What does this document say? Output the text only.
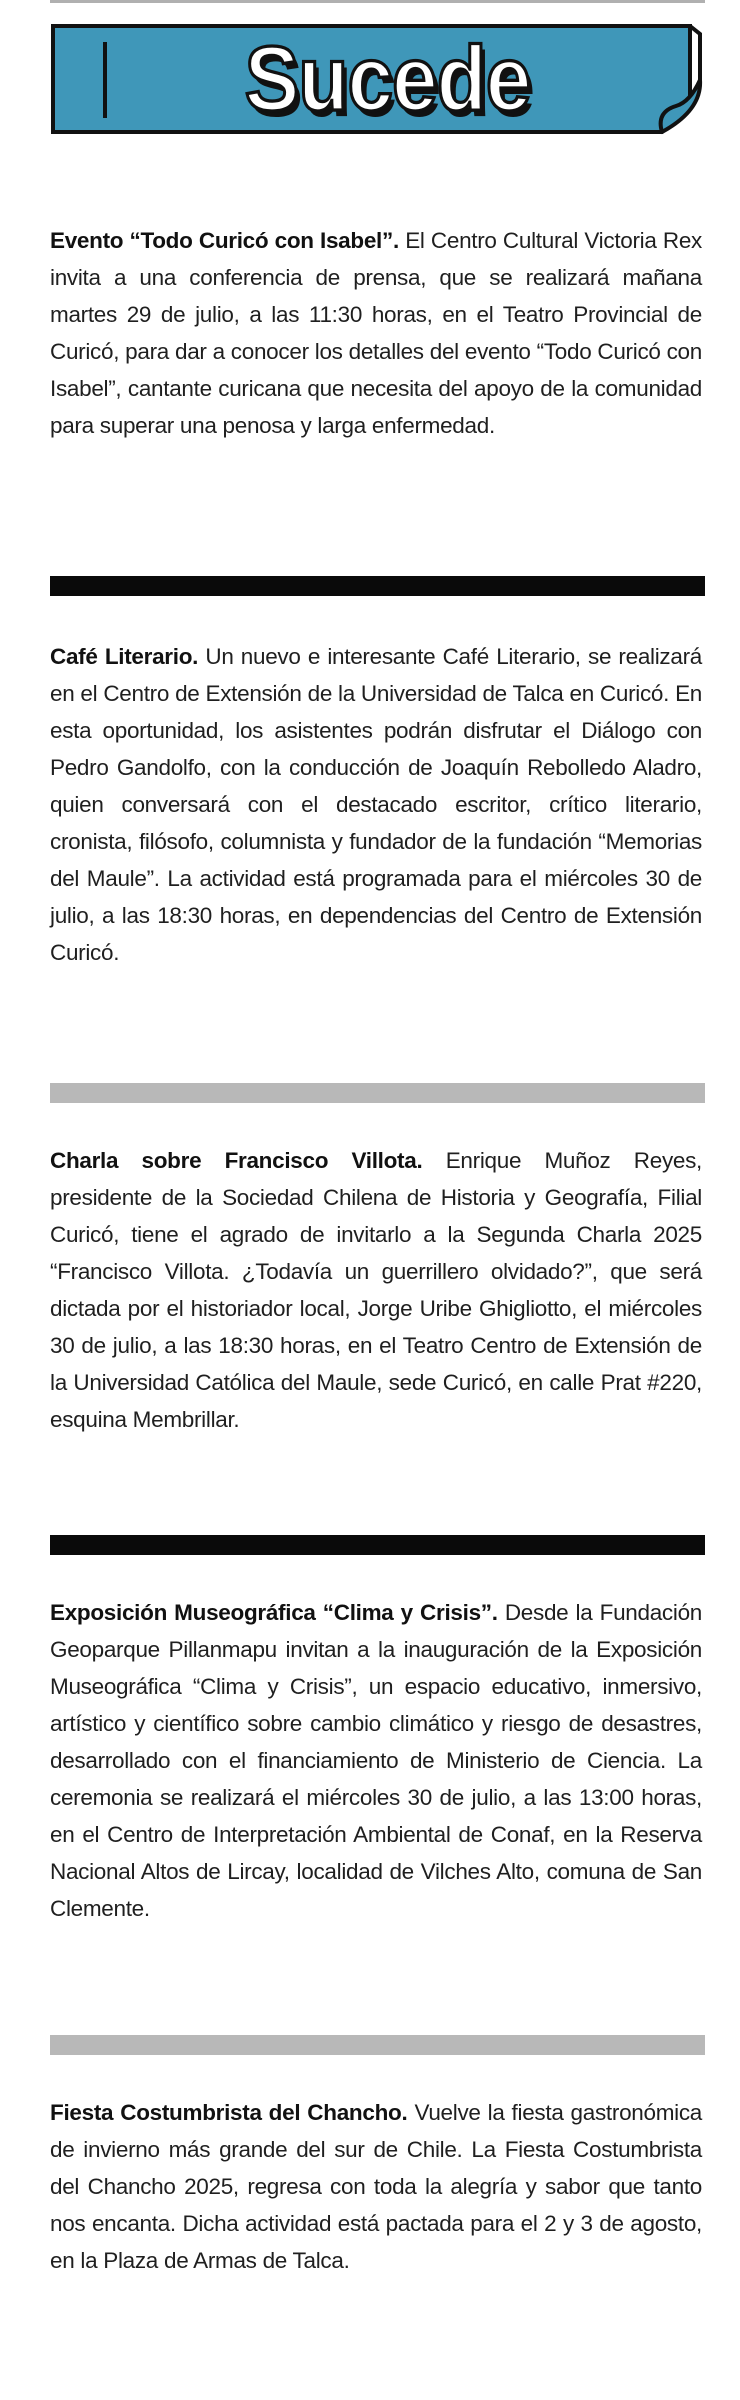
Sucede
Evento “Todo Curicó con Isabel”. El Centro Cultural Victoria Rex invita a una conferencia de prensa, que se realizará mañana martes 29 de julio, a las 11:30 horas, en el Teatro Provincial de Curicó, para dar a conocer los detalles del evento “Todo Curicó con Isabel”, cantante curicana que necesita del apoyo de la comunidad para superar una penosa y larga enfermedad.
Café Literario. Un nuevo e interesante Café Literario, se realizará en el Centro de Extensión de la Universidad de Talca en Curicó. En esta oportunidad, los asistentes podrán disfrutar el Diálogo con Pedro Gandolfo, con la conducción de Joaquín Rebolledo Aladro, quien conversará con el destacado escritor, crítico literario, cronista, filósofo, columnista y fundador de la fundación “Memorias del Maule”. La actividad está programada para el miércoles 30 de julio, a las 18:30 horas, en dependencias del Centro de Extensión Curicó.
Charla sobre Francisco Villota. Enrique Muñoz Reyes, presidente de la Sociedad Chilena de Historia y Geografía, Filial Curicó, tiene el agrado de invitarlo a la Segunda Charla 2025 “Francisco Villota. ¿Todavía un guerrillero olvidado?”, que será dictada por el historiador local, Jorge Uribe Ghigliotto, el miércoles 30 de julio, a las 18:30 horas, en el Teatro Centro de Extensión de la Universidad Católica del Maule, sede Curicó, en calle Prat #220, esquina Membrillar.
Exposición Museográfica “Clima y Crisis”. Desde la Fundación Geoparque Pillanmapu invitan a la inauguración de la Exposición Museográfica “Clima y Crisis”, un espacio educativo, inmersivo, artístico y científico sobre cambio climático y riesgo de desastres, desarrollado con el financiamiento de Ministerio de Ciencia. La ceremonia se realizará el miércoles 30 de julio, a las 13:00 horas, en el Centro de Interpretación Ambiental de Conaf, en la Reserva Nacional Altos de Lircay, localidad de Vilches Alto, comuna de San Clemente.
Fiesta Costumbrista del Chancho. Vuelve la fiesta gastronómica de invierno más grande del sur de Chile. La Fiesta Costumbrista del Chancho 2025, regresa con toda la alegría y sabor que tanto nos encanta. Dicha actividad está pactada para el 2 y 3 de agosto, en la Plaza de Armas de Talca.
